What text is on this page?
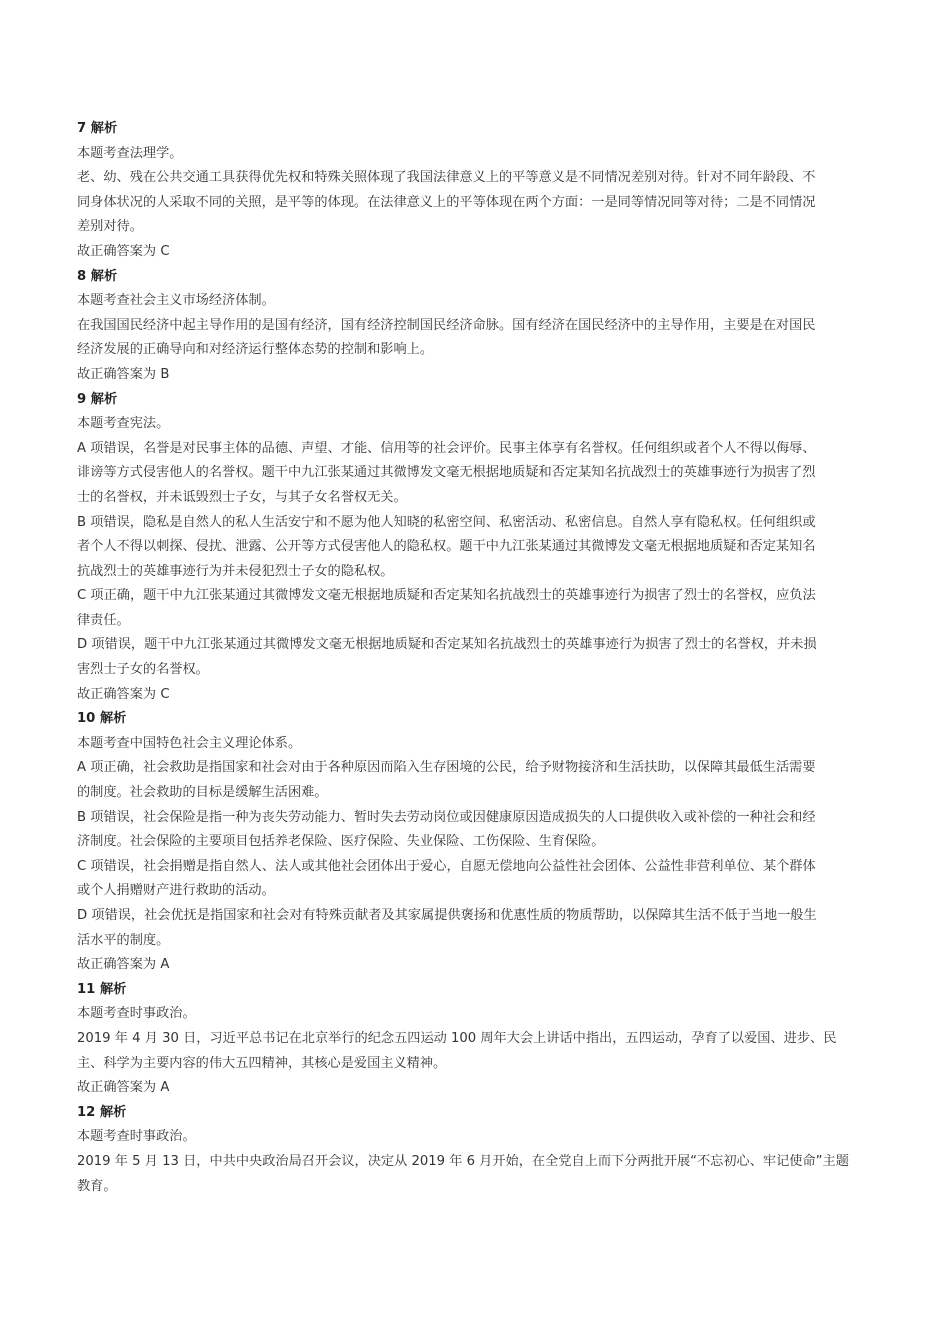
7 解析
本题考查法理学。
老、幼、残在公共交通工具获得优先权和特殊关照体现了我国法律意义上的平等意义是不同情况差别对待。针对不同年龄段、不
同身体状况的人采取不同的关照，是平等的体现。在法律意义上的平等体现在两个方面：一是同等情况同等对待；二是不同情况
差别对待。
故正确答案为 C
8 解析
本题考查社会主义市场经济体制。
在我国国民经济中起主导作用的是国有经济，国有经济控制国民经济命脉。国有经济在国民经济中的主导作用，主要是在对国民
经济发展的正确导向和对经济运行整体态势的控制和影响上。
故正确答案为 B
9 解析
本题考查宪法。
A 项错误，名誉是对民事主体的品德、声望、才能、信用等的社会评价。民事主体享有名誉权。任何组织或者个人不得以侮辱、
诽谤等方式侵害他人的名誉权。题干中九江张某通过其微博发文毫无根据地质疑和否定某知名抗战烈士的英雄事迹行为损害了烈
士的名誉权，并未诋毁烈士子女，与其子女名誉权无关。
B 项错误，隐私是自然人的私人生活安宁和不愿为他人知晓的私密空间、私密活动、私密信息。自然人享有隐私权。任何组织或
者个人不得以刺探、侵扰、泄露、公开等方式侵害他人的隐私权。题干中九江张某通过其微博发文毫无根据地质疑和否定某知名
抗战烈士的英雄事迹行为并未侵犯烈士子女的隐私权。
C 项正确，题干中九江张某通过其微博发文毫无根据地质疑和否定某知名抗战烈士的英雄事迹行为损害了烈士的名誉权，应负法
律责任。
D 项错误，题干中九江张某通过其微博发文毫无根据地质疑和否定某知名抗战烈士的英雄事迹行为损害了烈士的名誉权，并未损
害烈士子女的名誉权。
故正确答案为 C
10 解析
本题考查中国特色社会主义理论体系。
A 项正确，社会救助是指国家和社会对由于各种原因而陷入生存困境的公民，给予财物接济和生活扶助，以保障其最低生活需要
的制度。社会救助的目标是缓解生活困难。
B 项错误，社会保险是指一种为丧失劳动能力、暂时失去劳动岗位或因健康原因造成损失的人口提供收入或补偿的一种社会和经
济制度。社会保险的主要项目包括养老保险、医疗保险、失业保险、工伤保险、生育保险。
C 项错误，社会捐赠是指自然人、法人或其他社会团体出于爱心，自愿无偿地向公益性社会团体、公益性非营利单位、某个群体
或个人捐赠财产进行救助的活动。
D 项错误，社会优抚是指国家和社会对有特殊贡献者及其家属提供褒扬和优惠性质的物质帮助，以保障其生活不低于当地一般生
活水平的制度。
故正确答案为 A
11 解析
本题考查时事政治。
2019 年 4 月 30 日，习近平总书记在北京举行的纪念五四运动 100 周年大会上讲话中指出，五四运动，孕育了以爱国、进步、民
主、科学为主要内容的伟大五四精神，其核心是爱国主义精神。
故正确答案为 A
12 解析
本题考查时事政治。
2019 年 5 月 13 日，中共中央政治局召开会议，决定从 2019 年 6 月开始，在全党自上而下分两批开展“不忘初心、牢记使命”主题
教育。
